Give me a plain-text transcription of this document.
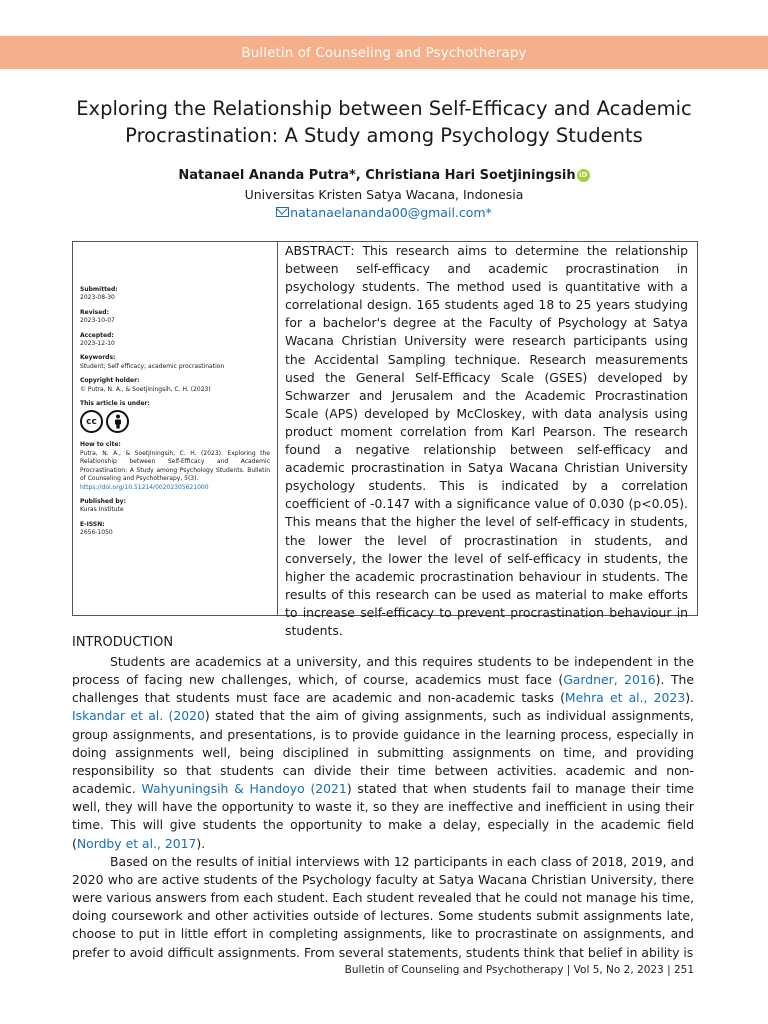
Bulletin of Counseling and Psychotherapy
Exploring the Relationship between Self-Efficacy and Academic
Procrastination: A Study among Psychology Students
Natanael Ananda Putra*, Christiana Hari Soetjiningsih iD
Universitas Kristen Satya Wacana, Indonesia
natanaelananda00@gmail.com*
Submitted:
2023-08-30
Revised:
2023-10-07
Accepted:
2023-12-10
Keywords:
Student; Self efficacy; academic procrastination
Copyright holder:
© Putra, N. A., & Soetjiningsih, C. H. (2023)
This article is under:
cc
How to cite:
Putra, N. A., & Soetjiningsih, C. H. (2023). Exploring the Relationship between Self-Efficacy and Academic Procrastination: A Study among Psychology Students. Bulletin of Counseling and Psychotherapy, 5(3).
https://doi.org/10.51214/00202305621000
Published by:
Kuras Institute
E-ISSN:
2656-1050
ABSTRACT: This research aims to determine the relationship between self-efficacy and academic procrastination in psychology students. The method used is quantitative with a correlational design. 165 students aged 18 to 25 years studying for a bachelor's degree at the Faculty of Psychology at Satya Wacana Christian University were research participants using the Accidental Sampling technique. Research measurements used the General Self-Efficacy Scale (GSES) developed by Schwarzer and Jerusalem and the Academic Procrastination Scale (APS) developed by McCloskey, with data analysis using product moment correlation from Karl Pearson. The research found a negative relationship between self-efficacy and academic procrastination in Satya Wacana Christian University psychology students. This is indicated by a correlation coefficient of -0.147 with a significance value of 0.030 (p<0.05). This means that the higher the level of self-efficacy in students, the lower the level of procrastination in students, and conversely, the lower the level of self-efficacy in students, the higher the academic procrastination behaviour in students. The results of this research can be used as material to make efforts to increase self-efficacy to prevent procrastination behaviour in students.
INTRODUCTION

Students are academics at a university, and this requires students to be independent in the process of facing new challenges, which, of course, academics must face (Gardner, 2016). The challenges that students must face are academic and non-academic tasks (Mehra et al., 2023). Iskandar et al. (2020) stated that the aim of giving assignments, such as individual assignments, group assignments, and presentations, is to provide guidance in the learning process, especially in doing assignments well, being disciplined in submitting assignments on time, and providing responsibility so that students can divide their time between activities. academic and non-academic. Wahyuningsih & Handoyo (2021) stated that when students fail to manage their time well, they will have the opportunity to waste it, so they are ineffective and inefficient in using their time. This will give students the opportunity to make a delay, especially in the academic field (Nordby et al., 2017).

Based on the results of initial interviews with 12 participants in each class of 2018, 2019, and 2020 who are active students of the Psychology faculty at Satya Wacana Christian University, there were various answers from each student. Each student revealed that he could not manage his time, doing coursework and other activities outside of lectures. Some students submit assignments late, choose to put in little effort in completing assignments, like to procrastinate on assignments, and prefer to avoid difficult assignments. From several statements, students think that belief in ability is

Bulletin of Counseling and Psychotherapy | Vol 5, No 2, 2023 | 251
